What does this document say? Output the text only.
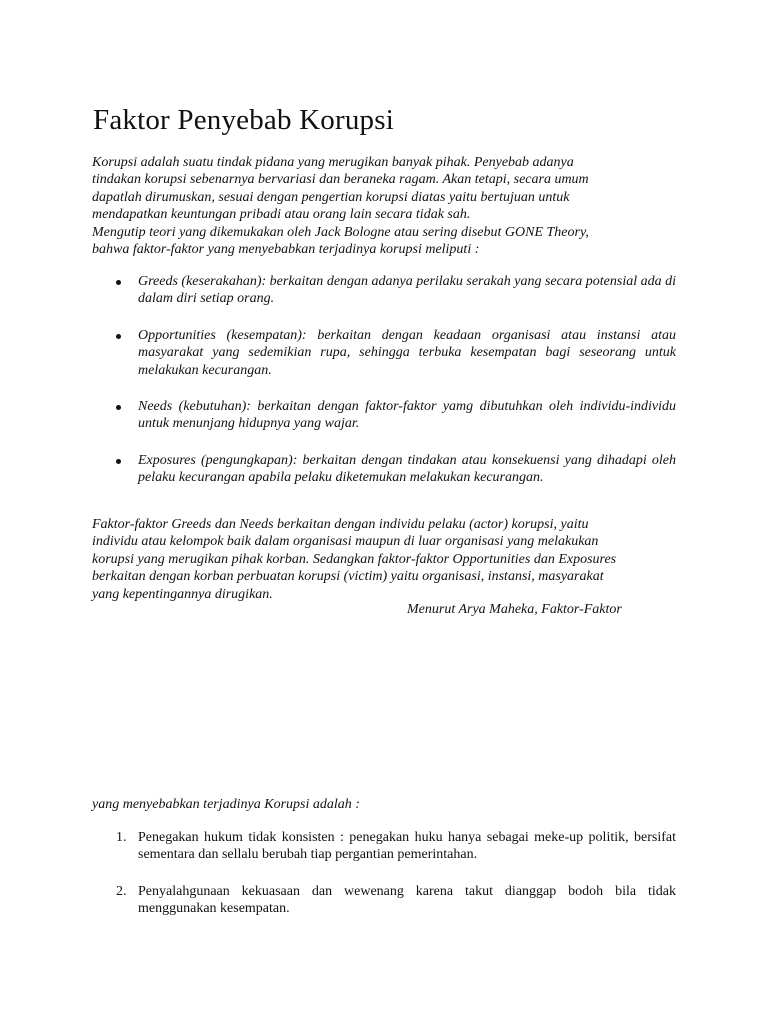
Faktor Penyebab Korupsi
Korupsi adalah suatu tindak pidana yang merugikan banyak pihak. Penyebab adanya
tindakan korupsi sebenarnya bervariasi dan beraneka ragam. Akan tetapi, secara umum
dapatlah dirumuskan, sesuai dengan pengertian korupsi diatas yaitu bertujuan untuk
mendapatkan keuntungan pribadi atau orang lain secara tidak sah.
Mengutip teori yang dikemukakan oleh Jack Bologne atau sering disebut GONE Theory,
bahwa faktor-faktor yang menyebabkan terjadinya korupsi meliputi :
Greeds (keserakahan): berkaitan dengan adanya perilaku serakah yang secara potensial ada di dalam diri setiap orang.
Opportunities (kesempatan): berkaitan dengan keadaan organisasi atau instansi atau masyarakat yang sedemikian rupa, sehingga terbuka kesempatan bagi seseorang untuk melakukan kecurangan.
Needs (kebutuhan): berkaitan dengan faktor-faktor yamg dibutuhkan oleh individu-individu untuk menunjang hidupnya yang wajar.
Exposures (pengungkapan): berkaitan dengan tindakan atau konsekuensi yang dihadapi oleh pelaku kecurangan apabila pelaku diketemukan melakukan kecurangan.
Faktor-faktor Greeds dan Needs berkaitan dengan individu pelaku (actor) korupsi, yaitu
individu atau kelompok baik dalam organisasi maupun di luar organisasi yang melakukan
korupsi yang merugikan pihak korban. Sedangkan faktor-faktor Opportunities dan Exposures
berkaitan dengan korban perbuatan korupsi (victim) yaitu organisasi, instansi, masyarakat
yang kepentingannya dirugikan.
Menurut Arya Maheka, Faktor-Faktor
yang menyebabkan terjadinya Korupsi adalah :
1. Penegakan hukum tidak konsisten : penegakan huku hanya sebagai meke-up politik, bersifat sementara dan sellalu berubah tiap pergantian pemerintahan.
2. Penyalahgunaan kekuasaan dan wewenang karena takut dianggap bodoh bila tidak menggunakan kesempatan.
